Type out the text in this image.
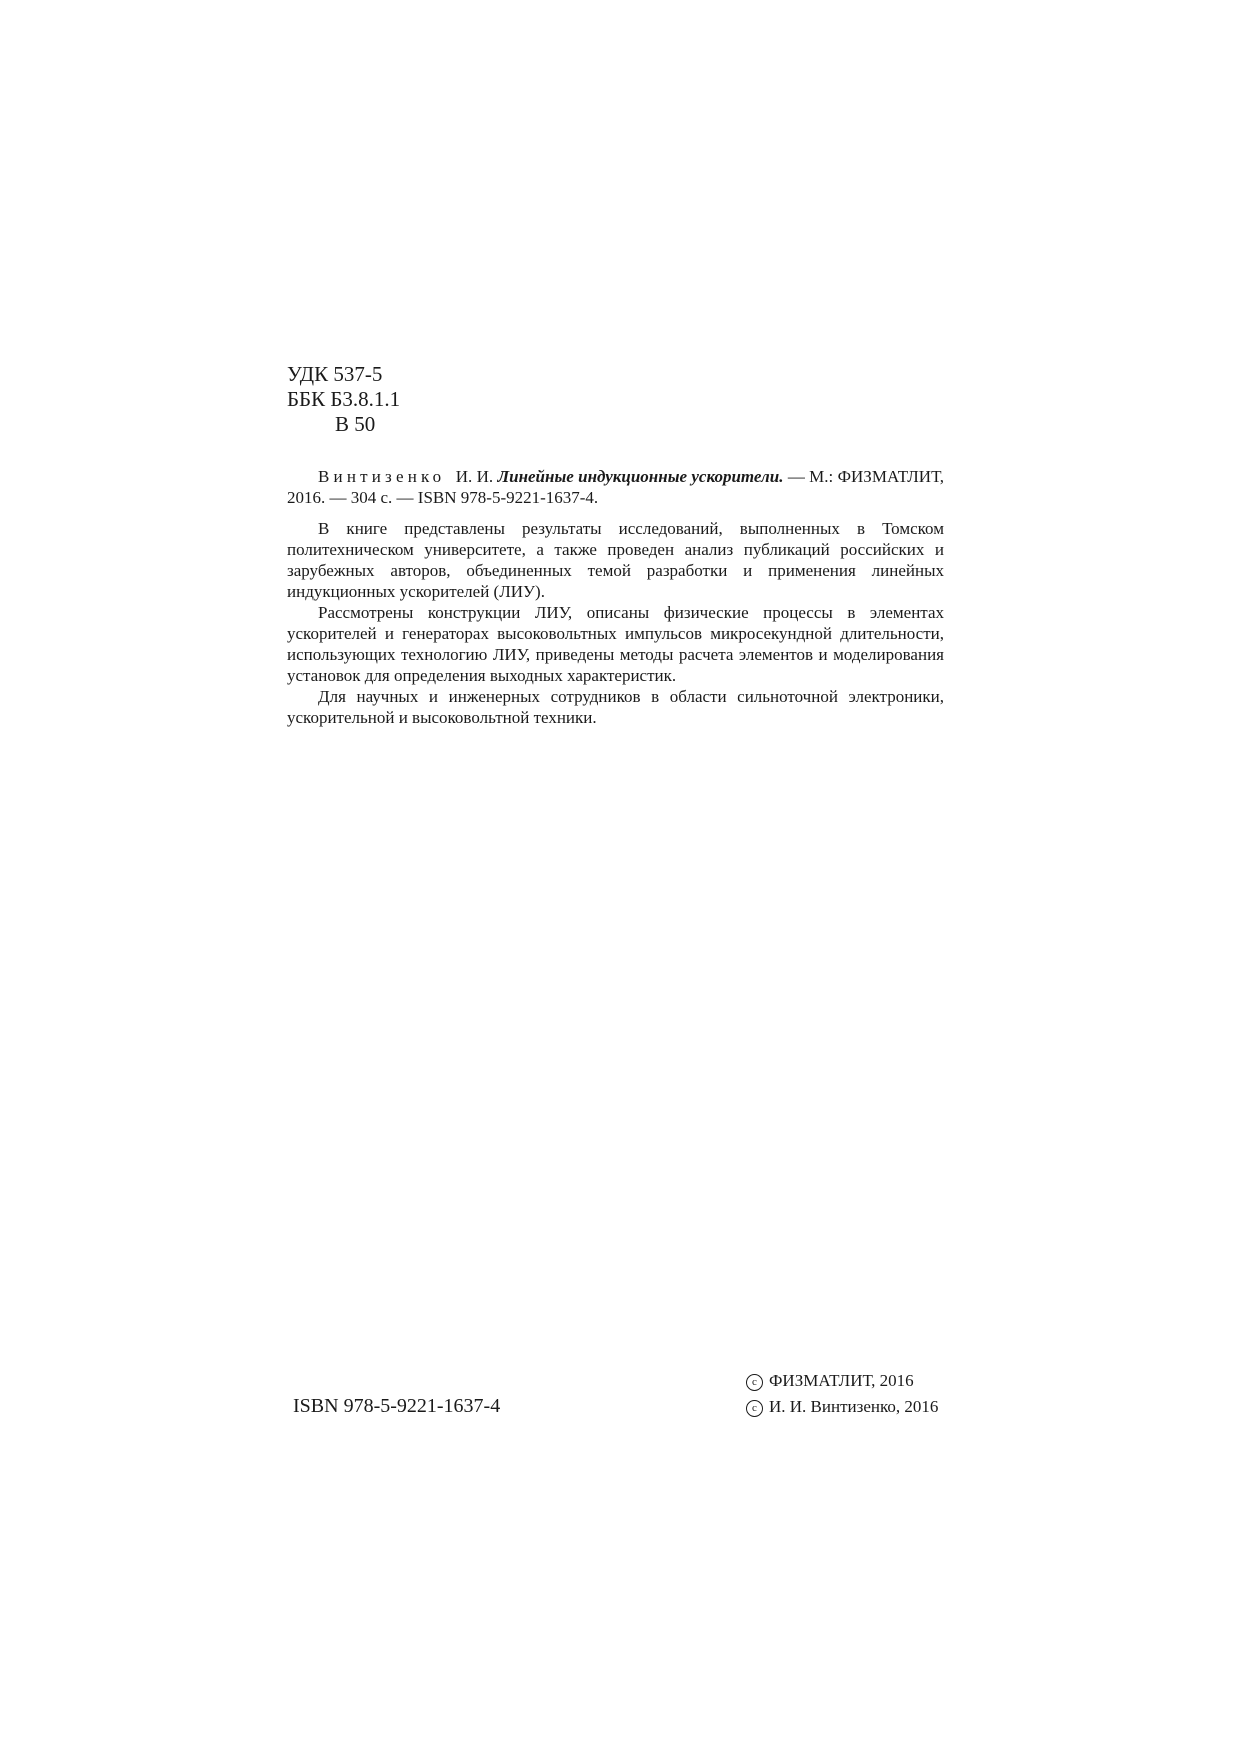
УДК 537-5
ББК Б3.8.1.1
В 50

Винтизенко И. И. Линейные индукционные ускорители. — М.: ФИЗМАТЛИТ, 2016. — 304 с. — ISBN 978-5-9221-1637-4.

В книге представлены результаты исследований, выполненных в Томском политехническом университете, а также проведен анализ публикаций российских и зарубежных авторов, объединенных темой разработки и применения линейных индукционных ускорителей (ЛИУ).

Рассмотрены конструкции ЛИУ, описаны физические процессы в элементах ускорителей и генераторах высоковольтных импульсов микросекундной длительности, использующих технологию ЛИУ, приведены методы расчета элементов и моделирования установок для определения выходных характеристик.

Для научных и инженерных сотрудников в области сильноточной электроники, ускорительной и высоковольтной техники.

ISBN 978-5-9221-1637-4
c ФИЗМАТЛИТ, 2016
c И. И. Винтизенко, 2016
